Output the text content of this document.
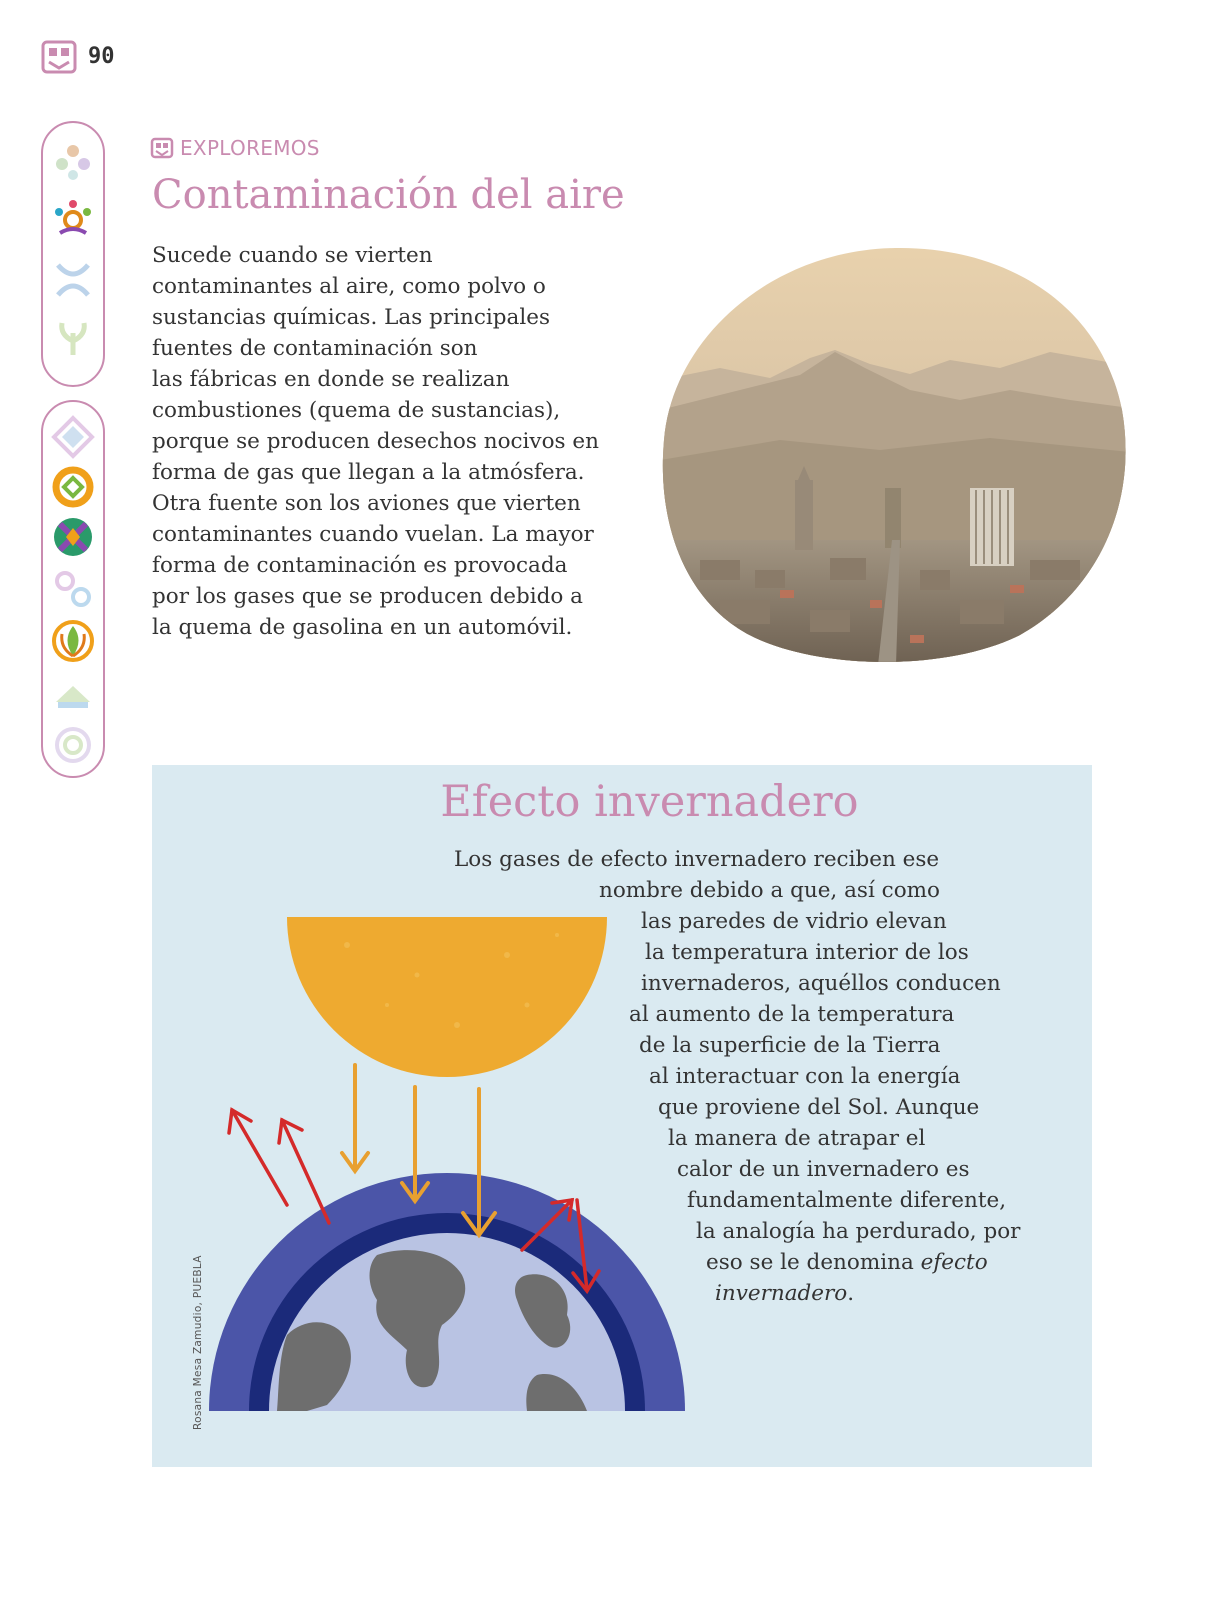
90
EXPLOREMOS
Contaminación del aire

Sucede cuando se vierten
contaminantes al aire, como polvo o
sustancias químicas. Las principales
fuentes de contaminación son
las fábricas en donde se realizan
combustiones (quema de sustancias),
porque se producen desechos nocivos en
forma de gas que llegan a la atmósfera.
Otra fuente son los aviones que vierten
contaminantes cuando vuelan. La mayor
forma de contaminación es provocada
por los gases que se producen debido a
la quema de gasolina en un automóvil.

Efecto invernadero
Los gases de efecto invernadero reciben ese
nombre debido a que, así como
las paredes de vidrio elevan
la temperatura interior de los
invernaderos, aquéllos conducen
al aumento de la temperatura
de la superficie de la Tierra
al interactuar con la energía
que proviene del Sol. Aunque
la manera de atrapar el
calor de un invernadero es
fundamentalmente diferente,
la analogía ha perdurado, por
eso se le denomina efecto
invernadero.
Rosana Mesa Zamudio, PUEBLA
